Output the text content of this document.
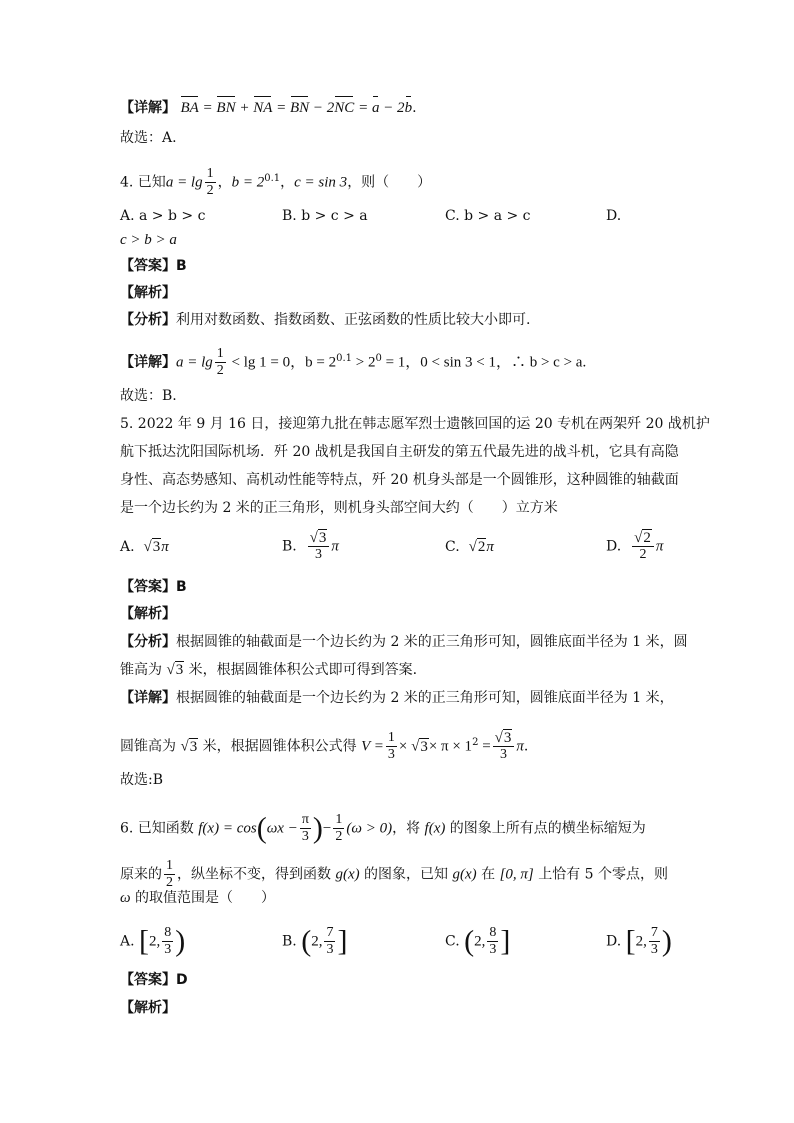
【详解】 BA = BN + NA = BN − 2NC = a − 2b.
故选：A.
4. 已知$a = \lg \frac{1}{2}$ ，$b = 2^{0.1}$，c = sin 3，则（　　）
A. a > b > c	B. b > c > a	C. b > a > c	D.
c > b > a
【答案】B
【解析】
【分析】利用对数函数、指数函数、正弦函数的性质比较大小即可.
【详解】$a = \lg \frac{1}{2} < \lg 1 = 0$，$b = 2^{0.1} > 2^0 = 1$，0 < sin 3 < 1，∴ b > c > a.
故选：B.
5. 2022 年 9 月 16 日，接迎第九批在韩志愿军烈士遗骸回国的运 20 专机在两架歼 20 战机护
航下抵达沈阳国际机场．歼 20 战机是我国自主研发的第五代最先进的战斗机，它具有高隐
身性、高态势感知、高机动性能等特点，歼 20 机身头部是一个圆锥形，这种圆锥的轴截面
是一个边长约为 2 米的正三角形，则机身头部空间大约（　　）立方米
A. √3π	B. $\frac{√3}{3}$ π	C. √2π	D. $\frac{√2}{2}$ π
【答案】B
【解析】
【分析】根据圆锥的轴截面是一个边长约为 2 米的正三角形可知，圆锥底面半径为 1 米，圆
锥高为 √3 米，根据圆锥体积公式即可得到答案.
【详解】根据圆锥的轴截面是一个边长约为 2 米的正三角形可知，圆锥底面半径为 1 米，
圆锥高为 √3 米，根据圆锥体积公式得 $V = \frac{1}{3} \times √3\times \pi \times 1^2 = \frac{√3}{3} \pi$.
故选:B
6. 已知函数 $f(x) = \cos(\omega x - \frac{\pi}{3}$ )− $\frac{1}{2} (\omega > 0)$，将 f(x) 的图象上所有点的横坐标缩短为
原来的 $\frac{1}{2}$ ，纵坐标不变，得到函数 g(x) 的图象，已知 g(x) 在 [0, π] 上恰有 5 个零点，则
ω 的取值范围是（　　）
A. [2, $\frac{8}{3}$ )	B. (2, $\frac{7}{3}$ ]	C. (2, $\frac{8}{3}$ ]	D. [2, $\frac{7}{3}$ )
【答案】D
【解析】
